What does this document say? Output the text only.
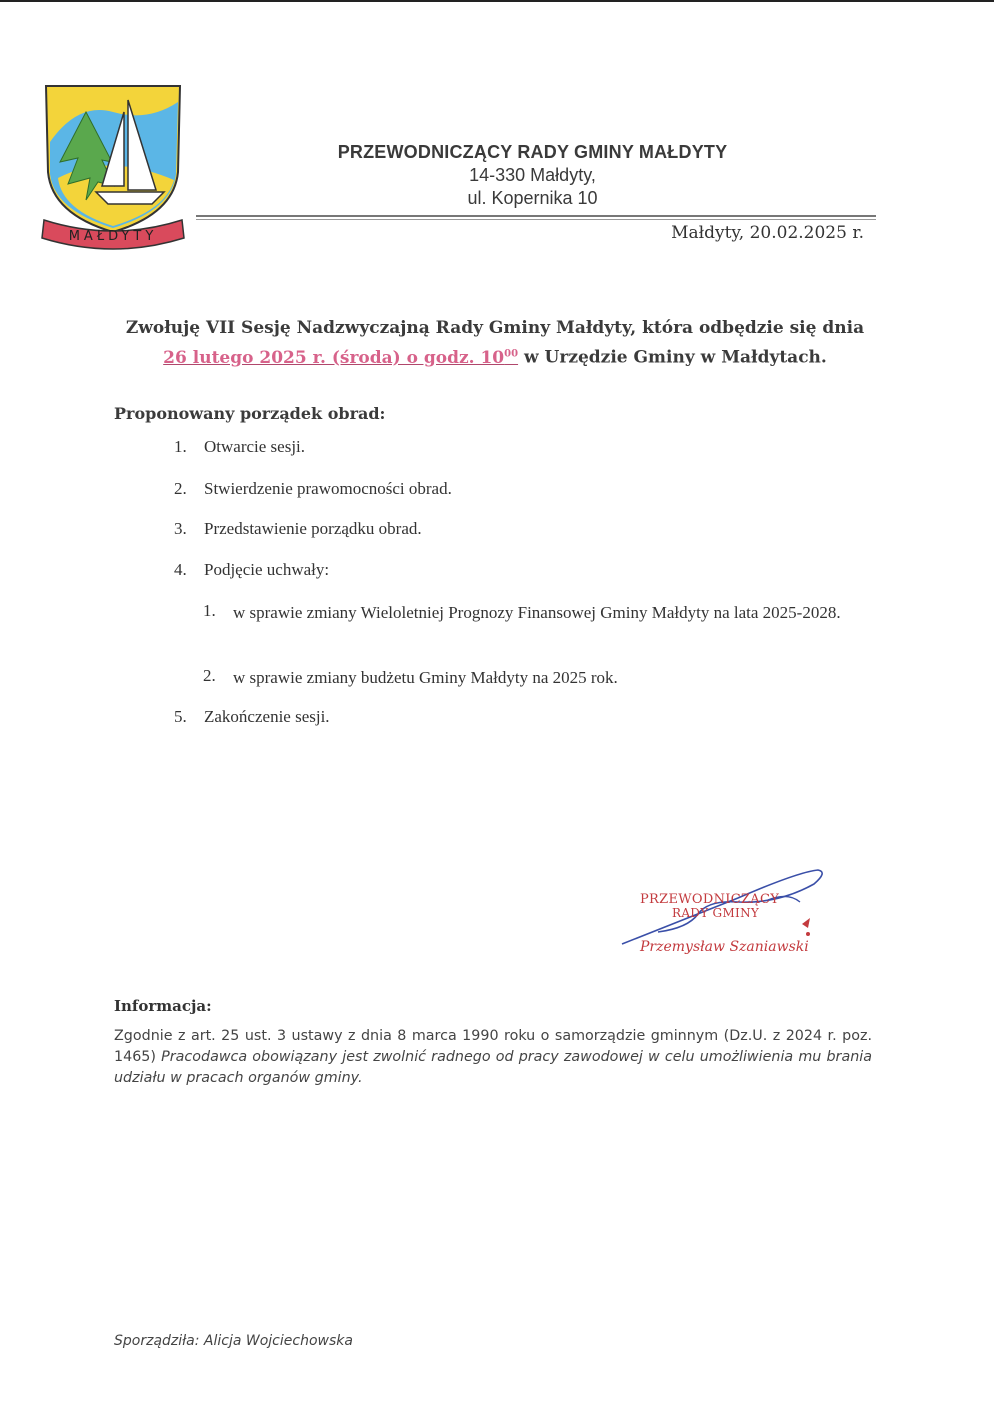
MAŁDYTY
PRZEWODNICZĄCY RADY GMINY MAŁDYTY
14-330 Małdyty,
ul. Kopernika 10
Małdyty, 20.02.2025 r.
Zwołuję VII Sesję Nadzwyczajną Rady Gminy Małdyty, która odbędzie się dnia
26 lutego 2025 r. (środa) o godz. $10^{00}$ w Urzędzie Gminy w Małdytach.
Proponowany porządek obrad:
1. Otwarcie sesji.
2. Stwierdzenie prawomocności obrad.
3. Przedstawienie porządku obrad.
4. Podjęcie uchwały:
1. w sprawie zmiany Wieloletniej Prognozy Finansowej Gminy Małdyty na lata 2025-2028.
2. w sprawie zmiany budżetu Gminy Małdyty na 2025 rok.
5. Zakończenie sesji.
PRZEWODNICZĄCY
RADY GMINY
Przemysław Szaniawski
Informacja:
Zgodnie z art. 25 ust. 3 ustawy z dnia 8 marca 1990 roku o samorządzie gminnym (Dz.U. z 2024 r. poz. 1465) Pracodawca obowiązany jest zwolnić radnego od pracy zawodowej w celu umożliwienia mu brania udziału w pracach organów gminy.
Sporządziła: Alicja Wojciechowska
